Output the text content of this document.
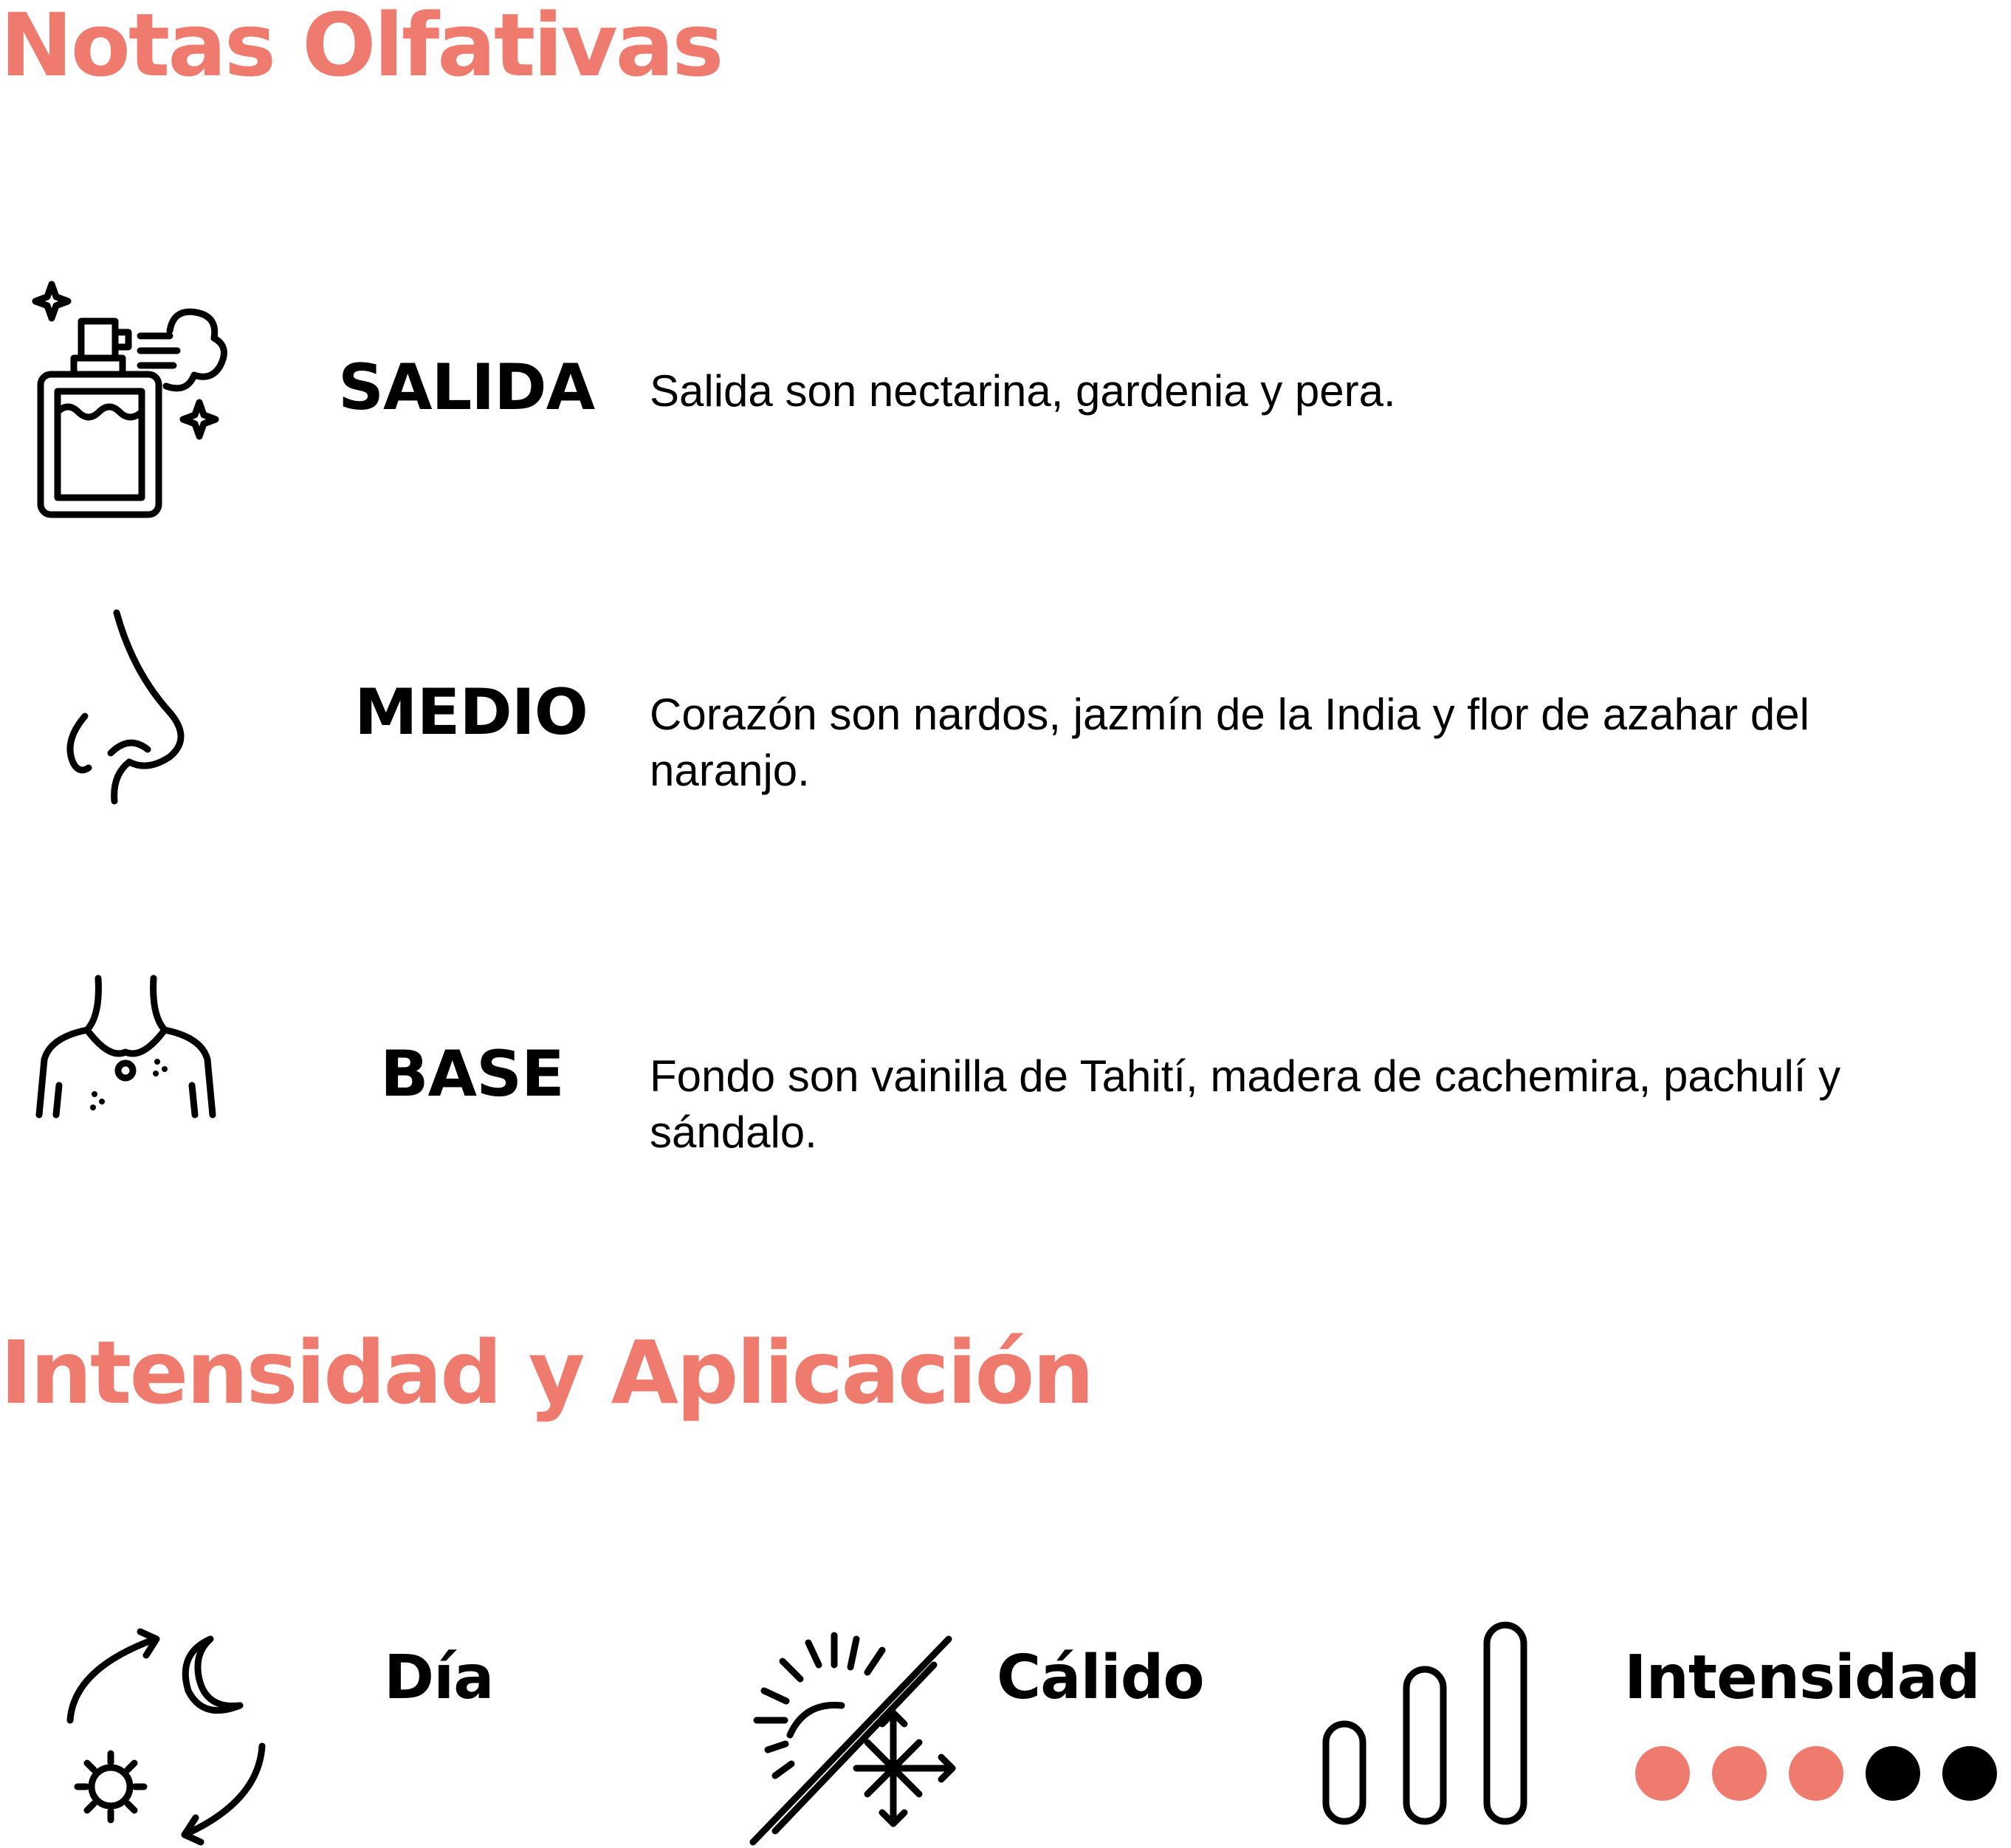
Notas Olfativas
SALIDA Salida son nectarina, gardenia y pera.
MEDIO Corazón son nardos, jazmín de la India y flor de azahar del naranjo.
BASE Fondo son vainilla de Tahití, madera de cachemira, pachulí y sándalo.
Intensidad y Aplicación
Día	Cálido	Intensidad
